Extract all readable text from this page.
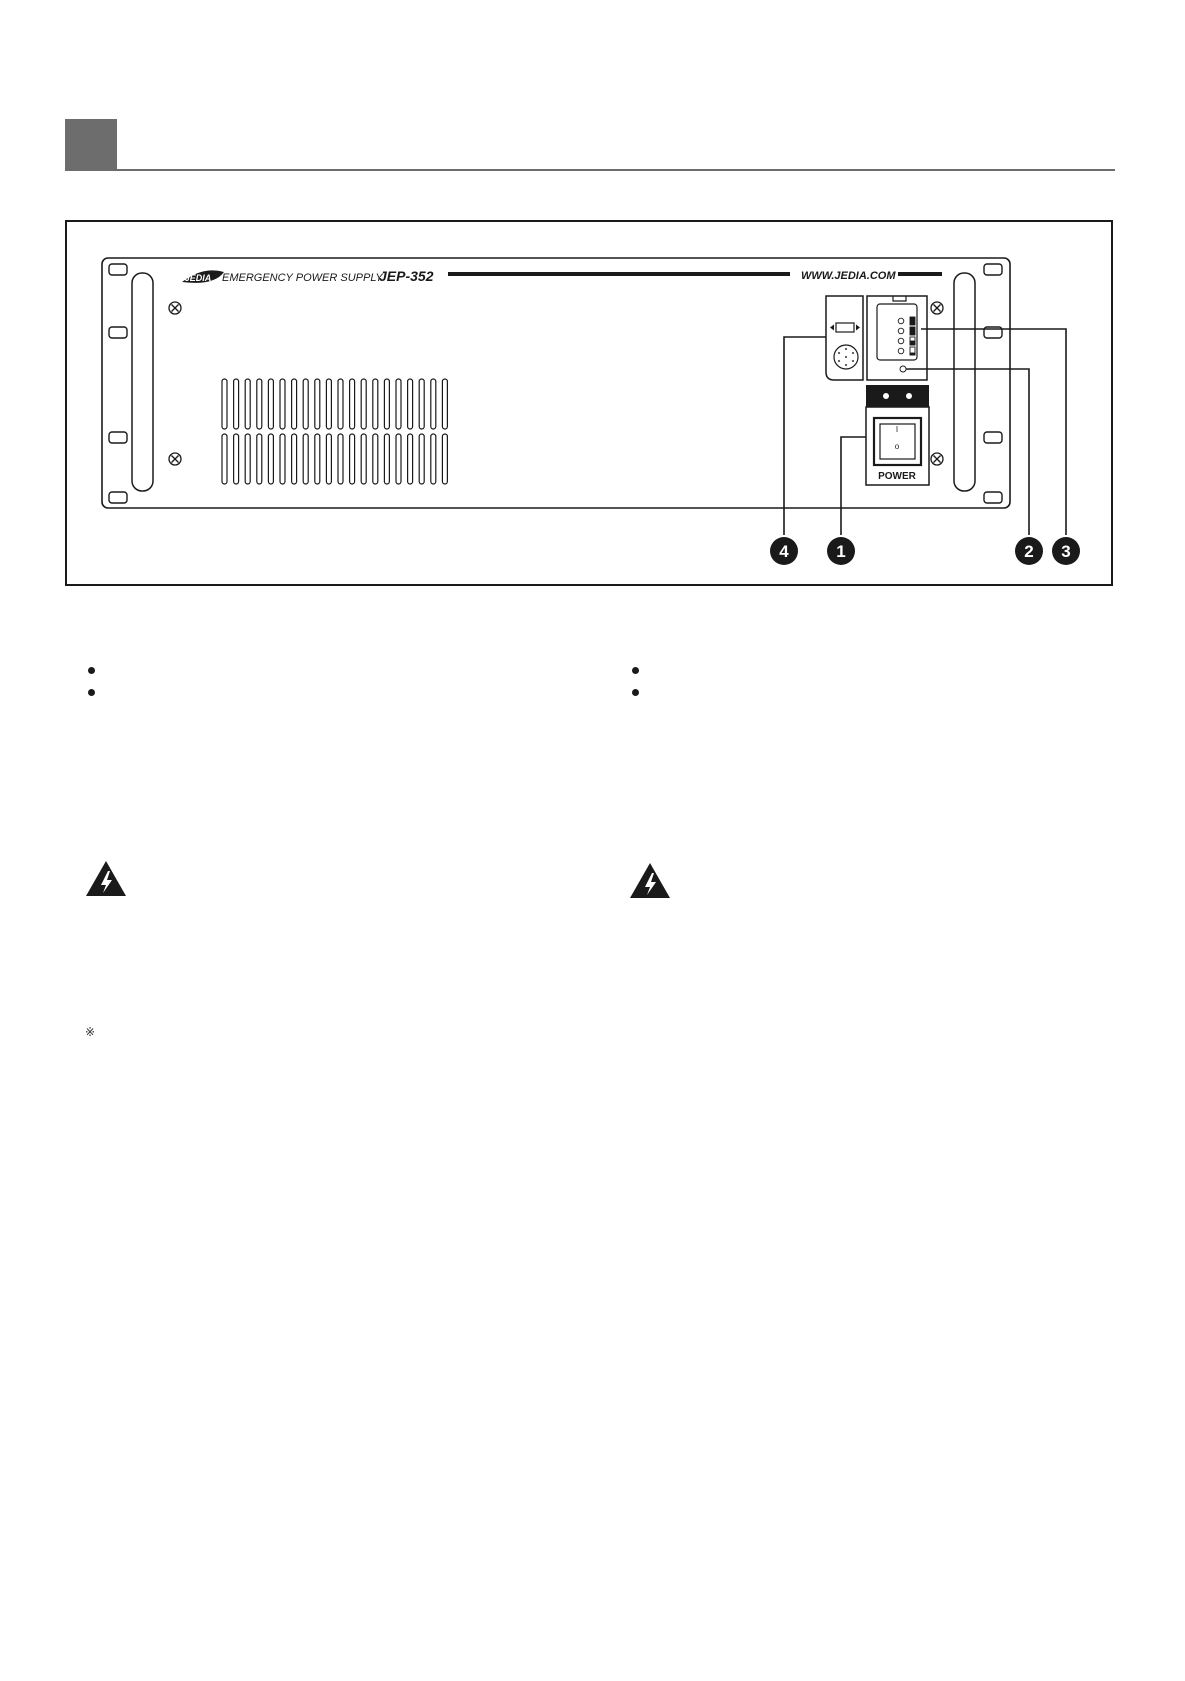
JEDIA EMERGENCY POWER SUPPLY
JEP-352	WWW.JEDIA.COM
I
o
POWER
4	1	2 3
※
